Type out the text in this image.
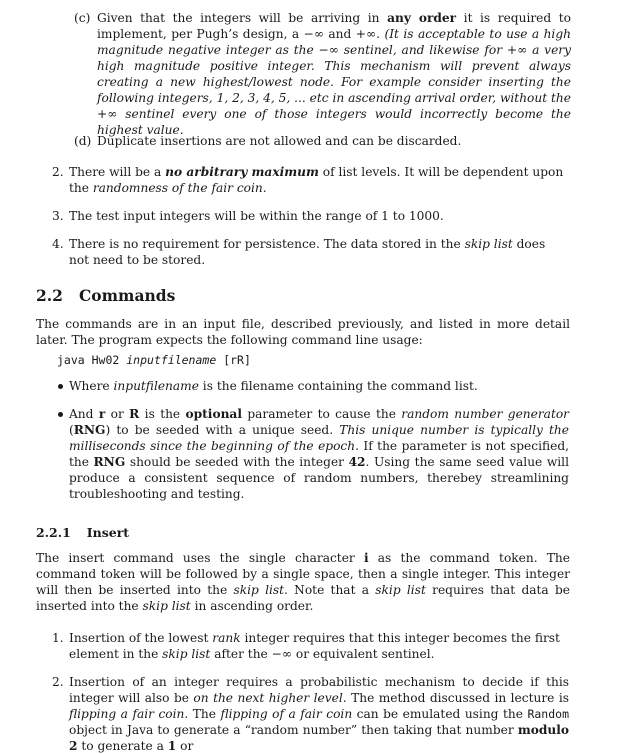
(c) Given that the integers will be arriving in any order it is required to implement, per Pugh’s design, a −∞ and +∞. (It is acceptable to use a high magnitude negative integer as the −∞ sentinel, and likewise for +∞ a very high magnitude positive integer. This mechanism will prevent always creating a new highest/lowest node. For example consider inserting the following integers, 1, 2, 3, 4, 5, ... etc in ascending arrival order, without the +∞ sentinel every one of those integers would incorrectly become the highest value.

(d) Duplicate insertions are not allowed and can be discarded.

2. There will be a no arbitrary maximum of list levels. It will be dependent upon the randomness of the fair coin.

3. The test input integers will be within the range of 1 to 1000.

4. There is no requirement for persistence. The data stored in the skip list does not need to be stored.

2.2 Commands

The commands are in an input file, described previously, and listed in more detail later. The program expects the following command line usage:

java Hw02 inputfilename [rR]

Where inputfilename is the filename containing the command list.

And r or R is the optional parameter to cause the random number generator (RNG) to be seeded with a unique seed. This unique number is typically the milliseconds since the beginning of the epoch. If the parameter is not specified, the RNG should be seeded with the integer 42. Using the same seed value will produce a consistent sequence of random numbers, therebey streamlining troubleshooting and testing.

2.2.1 Insert

The insert command uses the single character i as the command token. The command token will be followed by a single space, then a single integer. This integer will then be inserted into the skip list. Note that a skip list requires that data be inserted into the skip list in ascending order.

1. Insertion of the lowest rank integer requires that this integer becomes the first element in the skip list after the −∞ or equivalent sentinel.

2. Insertion of an integer requires a probabilistic mechanism to decide if this integer will also be on the next higher level. The method discussed in lecture is flipping a fair coin. The flipping of a fair coin can be emulated using the Random object in Java to generate a “random number” then taking that number modulo 2 to generate a 1 or
